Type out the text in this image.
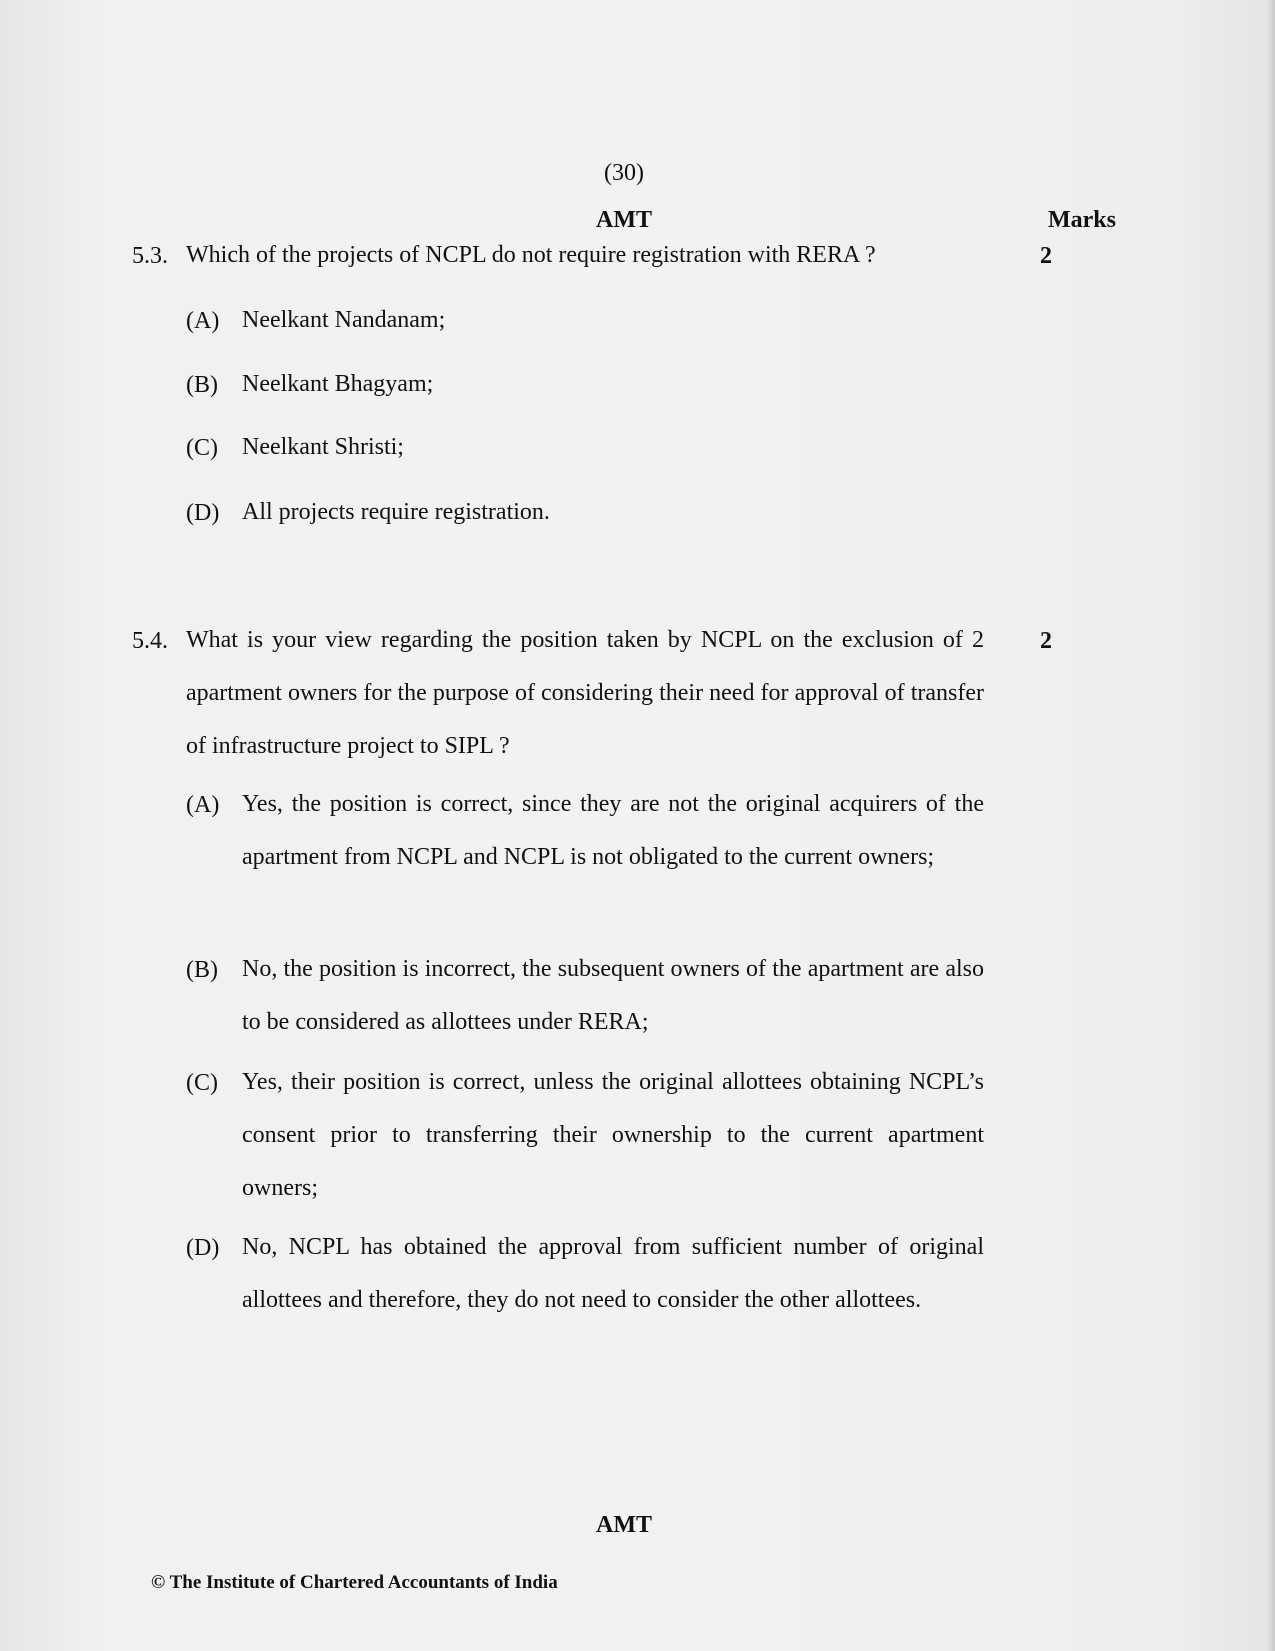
(30)
AMT	Marks
5.3. Which of the projects of NCPL do not require registration with RERA ?	2
(A) Neelkant Nandanam;
(B) Neelkant Bhagyam;
(C) Neelkant Shristi;
(D) All projects require registration.
5.4. What is your view regarding the position taken by NCPL on the exclusion of 2 apartment owners for the purpose of considering their need for approval of transfer of infrastructure project to SIPL ?
2
(A) Yes, the position is correct, since they are not the original acquirers of the apartment from NCPL and NCPL is not obligated to the current owners;
(B) No, the position is incorrect, the subsequent owners of the apartment are also to be considered as allottees under RERA;
(C) Yes, their position is correct, unless the original allottees obtaining NCPL’s consent prior to transferring their ownership to the current apartment owners;
(D) No, NCPL has obtained the approval from sufficient number of original allottees and therefore, they do not need to consider the other allottees.
AMT
© The Institute of Chartered Accountants of India
